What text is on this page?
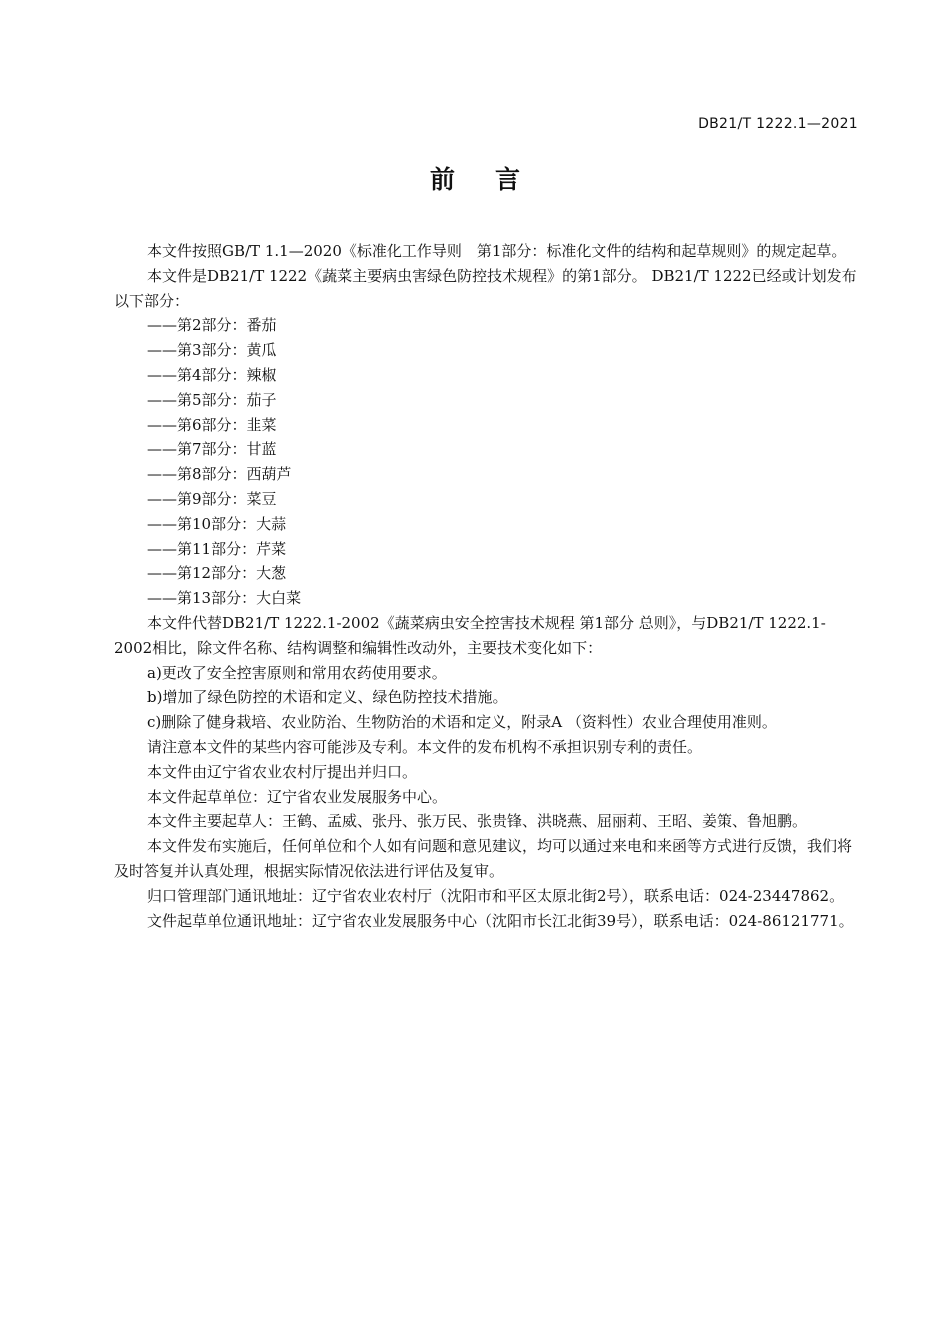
DB21/T 1222.1—2021
前言

本文件按照GB/T 1.1—2020《标准化工作导则　第1部分：标准化文件的结构和起草规则》的规定起草。

本文件是DB21/T 1222《蔬菜主要病虫害绿色防控技术规程》的第1部分。 DB21/T 1222已经或计划发布以下部分：

——第2部分：番茄

——第3部分：黄瓜

——第4部分：辣椒

——第5部分：茄子

——第6部分：韭菜

——第7部分：甘蓝

——第8部分：西葫芦

——第9部分：菜豆

——第10部分：大蒜

——第11部分：芹菜

——第12部分：大葱

——第13部分：大白菜

本文件代替DB21/T 1222.1-2002《蔬菜病虫安全控害技术规程 第1部分 总则》，与DB21/T 1222.1-2002相比，除文件名称、结构调整和编辑性改动外，主要技术变化如下：

a)更改了安全控害原则和常用农药使用要求。

b)增加了绿色防控的术语和定义、绿色防控技术措施。

c)删除了健身栽培、农业防治、生物防治的术语和定义，附录A （资料性）农业合理使用准则。

请注意本文件的某些内容可能涉及专利。本文件的发布机构不承担识别专利的责任。

本文件由辽宁省农业农村厅提出并归口。

本文件起草单位：辽宁省农业发展服务中心。

本文件主要起草人：王鹤、孟威、张丹、张万民、张贵锋、洪晓燕、屈丽莉、王昭、姜策、鲁旭鹏。

本文件发布实施后，任何单位和个人如有问题和意见建议，均可以通过来电和来函等方式进行反馈，我们将及时答复并认真处理，根据实际情况依法进行评估及复审。

归口管理部门通讯地址：辽宁省农业农村厅（沈阳市和平区太原北街2号），联系电话：024-23447862。

文件起草单位通讯地址：辽宁省农业发展服务中心（沈阳市长江北街39号），联系电话：024-86121771。
